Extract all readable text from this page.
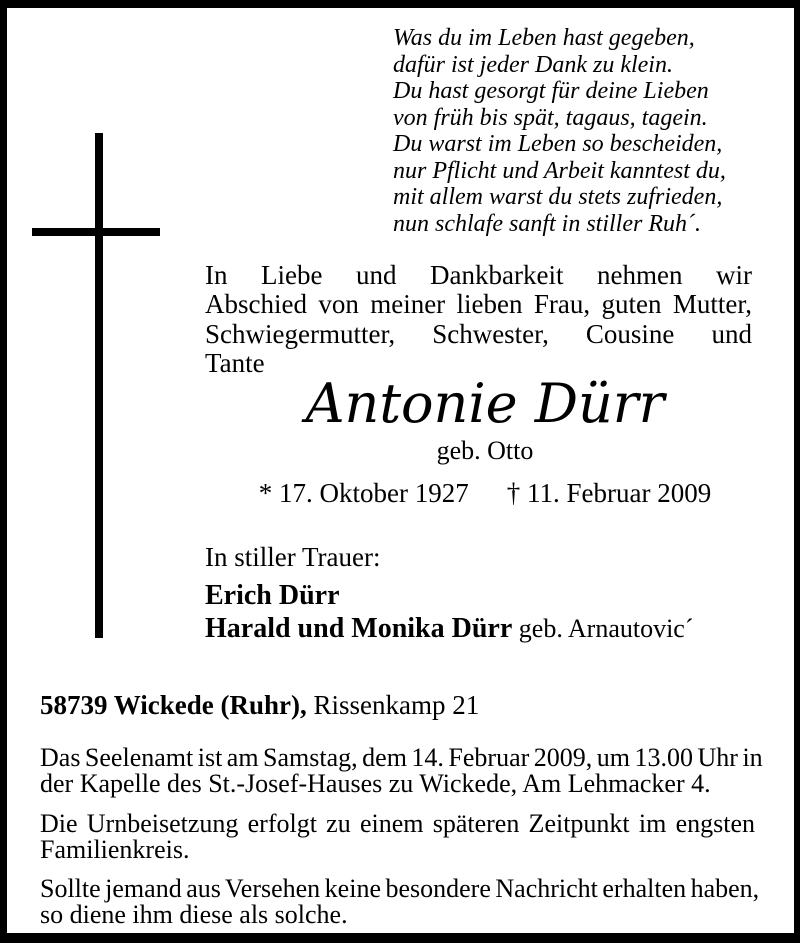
Was du im Leben hast gegeben,
dafür ist jeder Dank zu klein.
Du hast gesorgt für deine Lieben
von früh bis spät, tagaus, tagein.
Du warst im Leben so bescheiden,
nur Pflicht und Arbeit kanntest du,
mit allem warst du stets zufrieden,
nun schlafe sanft in stiller Ruh´.
In Liebe und Dankbarkeit nehmen wir
Abschied von meiner lieben Frau, guten Mutter,
Schwiegermutter, Schwester, Cousine und
Tante
Antonie Dürr
geb. Otto
* 17. Oktober 1927 † 11. Februar 2009
In stiller Trauer:
Erich Dürr
Harald und Monika Dürr geb. Arnautovic´
58739 Wickede (Ruhr), Rissenkamp 21
Das Seelenamt ist am Samstag, dem 14. Februar 2009, um 13.00 Uhr in
der Kapelle des St.-Josef-Hauses zu Wickede, Am Lehmacker 4.
Die Urnbeisetzung erfolgt zu einem späteren Zeitpunkt im engsten
Familienkreis.
Sollte jemand aus Versehen keine besondere Nachricht erhalten haben,
so diene ihm diese als solche.
